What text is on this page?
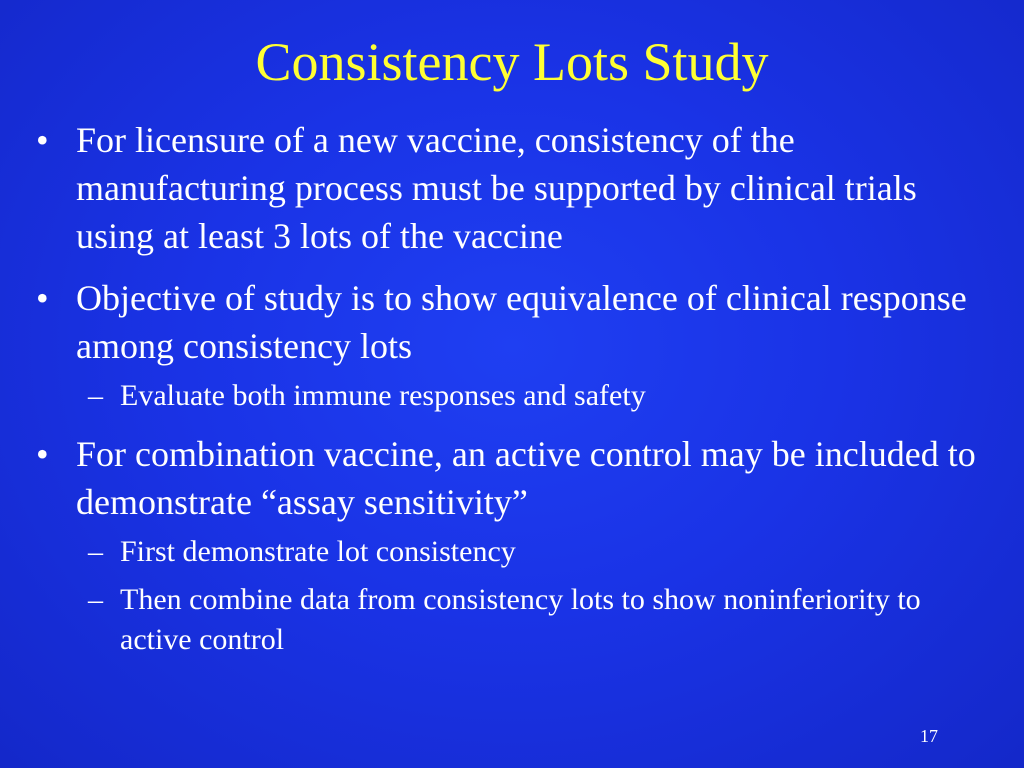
Consistency Lots Study
• For licensure of a new vaccine, consistency of the manufacturing process must be supported by clinical trials using at least 3 lots of the vaccine
• Objective of study is to show equivalence of clinical response among consistency lots
– Evaluate both immune responses and safety
• For combination vaccine, an active control may be included to demonstrate “assay sensitivity”
– First demonstrate lot consistency
– Then combine data from consistency lots to show noninferiority to active control
17
